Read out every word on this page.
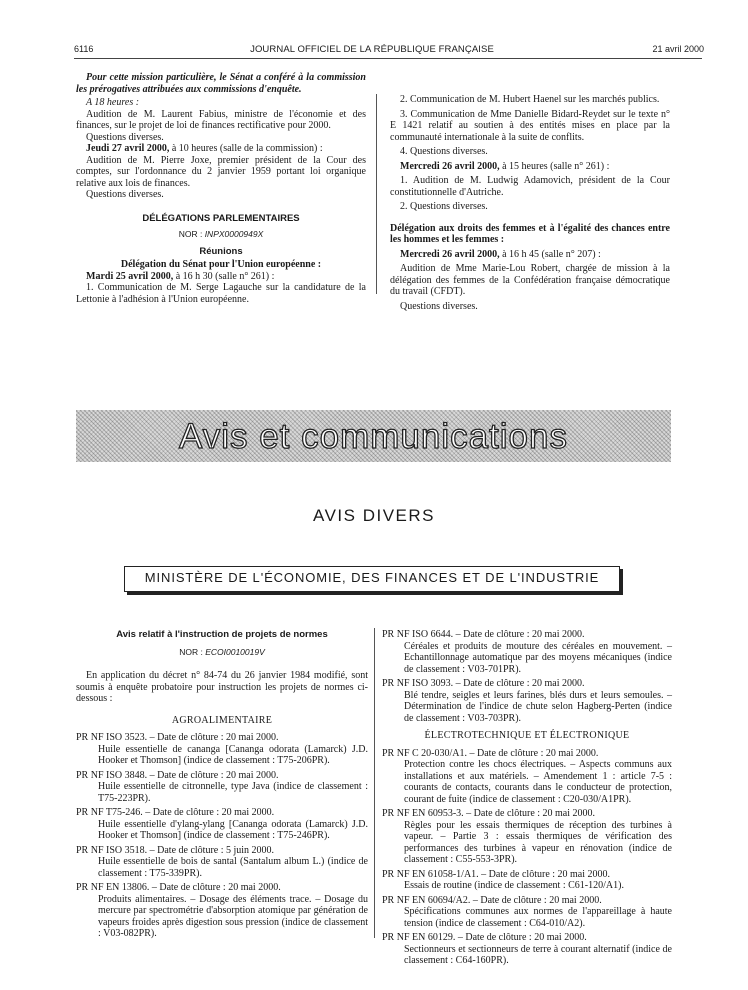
6116	JOURNAL OFFICIEL DE LA RÉPUBLIQUE FRANÇAISE	21 avril 2000

Pour cette mission particulière, le Sénat a conféré à la commission les prérogatives attribuées aux commissions d'enquête.

A 18 heures :

Audition de M. Laurent Fabius, ministre de l'économie et des finances, sur le projet de loi de finances rectificative pour 2000.

Questions diverses.

Jeudi 27 avril 2000, à 10 heures (salle de la commission) :

Audition de M. Pierre Joxe, premier président de la Cour des comptes, sur l'ordonnance du 2 janvier 1959 portant loi organique relative aux lois de finances.

Questions diverses.

DÉLÉGATIONS PARLEMENTAIRES

NOR : INPX0000949X

Réunions

Délégation du Sénat pour l'Union européenne :

Mardi 25 avril 2000, à 16 h 30 (salle n° 261) :

1. Communication de M. Serge Lagauche sur la candidature de la Lettonie à l'adhésion à l'Union européenne.

2. Communication de M. Hubert Haenel sur les marchés publics.

3. Communication de Mme Danielle Bidard-Reydet sur le texte n° E 1421 relatif au soutien à des entités mises en place par la communauté internationale à la suite de conflits.

4. Questions diverses.

Mercredi 26 avril 2000, à 15 heures (salle n° 261) :

1. Audition de M. Ludwig Adamovich, président de la Cour constitutionnelle d'Autriche.

2. Questions diverses.

Délégation aux droits des femmes et à l'égalité des chances entre les hommes et les femmes :

Mercredi 26 avril 2000, à 16 h 45 (salle n° 207) :

Audition de Mme Marie-Lou Robert, chargée de mission à la délégation des femmes de la Confédération française démocratique du travail (CFDT).

Questions diverses.

Avis et communications
AVIS DIVERS
MINISTÈRE DE L'ÉCONOMIE, DES FINANCES ET DE L'INDUSTRIE

Avis relatif à l'instruction de projets de normes

NOR : ECOI0010019V

En application du décret n° 84-74 du 26 janvier 1984 modifié, sont soumis à enquête probatoire pour instruction les projets de normes ci-dessous :

AGROALIMENTAIRE

PR NF ISO 3523. – Date de clôture : 20 mai 2000.
Huile essentielle de cananga [Cananga odorata (Lamarck) J.D. Hooker et Thomson] (indice de classement : T75-206PR).
PR NF ISO 3848. – Date de clôture : 20 mai 2000.
Huile essentielle de citronnelle, type Java (indice de classement : T75-223PR).
PR NF T75-246. – Date de clôture : 20 mai 2000.
Huile essentielle d'ylang-ylang [Cananga odorata (Lamarck) J.D. Hooker et Thomson] (indice de classement : T75-246PR).
PR NF ISO 3518. – Date de clôture : 5 juin 2000.
Huile essentielle de bois de santal (Santalum album L.) (indice de classement : T75-339PR).
PR NF EN 13806. – Date de clôture : 20 mai 2000.
Produits alimentaires. – Dosage des éléments trace. – Dosage du mercure par spectrométrie d'absorption atomique par génération de vapeurs froides après digestion sous pression (indice de classement : V03-082PR).
PR NF ISO 6644. – Date de clôture : 20 mai 2000.
Céréales et produits de mouture des céréales en mouvement. – Echantillonnage automatique par des moyens mécaniques (indice de classement : V03-701PR).
PR NF ISO 3093. – Date de clôture : 20 mai 2000.
Blé tendre, seigles et leurs farines, blés durs et leurs semoules. – Détermination de l'indice de chute selon Hagberg-Perten (indice de classement : V03-703PR).

ÉLECTROTECHNIQUE ET ÉLECTRONIQUE

PR NF C 20-030/A1. – Date de clôture : 20 mai 2000.
Protection contre les chocs électriques. – Aspects communs aux installations et aux matériels. – Amendement 1 : article 7-5 : courants de contacts, courants dans le conducteur de protection, courant de fuite (indice de classement : C20-030/A1PR).
PR NF EN 60953-3. – Date de clôture : 20 mai 2000.
Règles pour les essais thermiques de réception des turbines à vapeur. – Partie 3 : essais thermiques de vérification des performances des turbines à vapeur en rénovation (indice de classement : C55-553-3PR).
PR NF EN 61058-1/A1. – Date de clôture : 20 mai 2000.
Essais de routine (indice de classement : C61-120/A1).
PR NF EN 60694/A2. – Date de clôture : 20 mai 2000.
Spécifications communes aux normes de l'appareillage à haute tension (indice de classement : C64-010/A2).
PR NF EN 60129. – Date de clôture : 20 mai 2000.
Sectionneurs et sectionneurs de terre à courant alternatif (indice de classement : C64-160PR).
